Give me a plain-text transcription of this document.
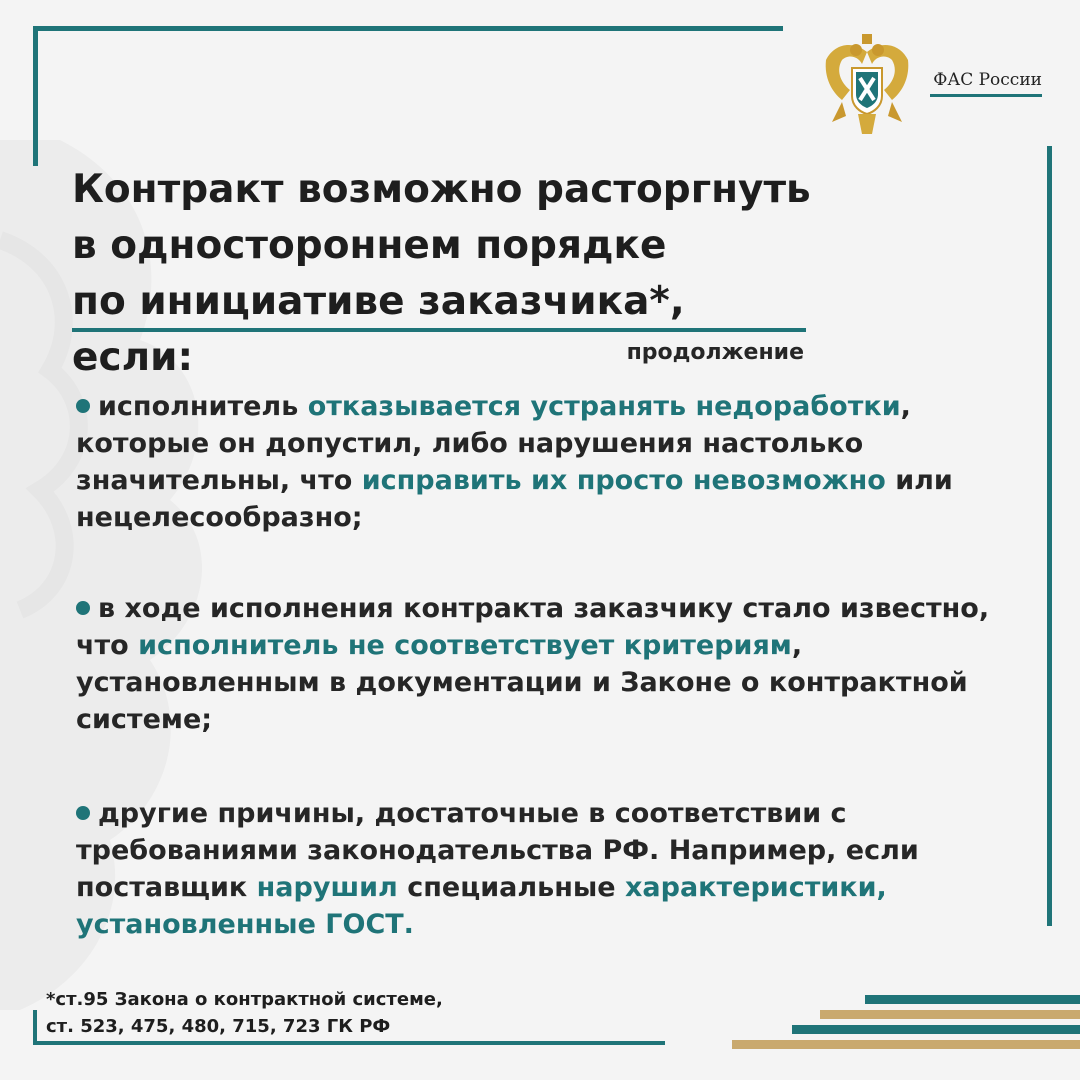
ФАС России
Контракт возможно расторгнуть
в одностороннем порядке
по инициативе заказчика*, если:	продолжение
исполнитель отказывается устранять недоработки, которые он допустил, либо нарушения настолько значительны, что исправить их просто невозможно или нецелесообразно;
в ходе исполнения контракта заказчику стало известно, что исполнитель не соответствует критериям, установленным в документации и Законе о контрактной системе;
другие причины, достаточные в соответствии с требованиями законодательства РФ. Например, если поставщик нарушил специальные характеристики, установленные ГОСТ.
*ст.95 Закона о контрактной системе,
ст. 523, 475, 480, 715, 723 ГК РФ
